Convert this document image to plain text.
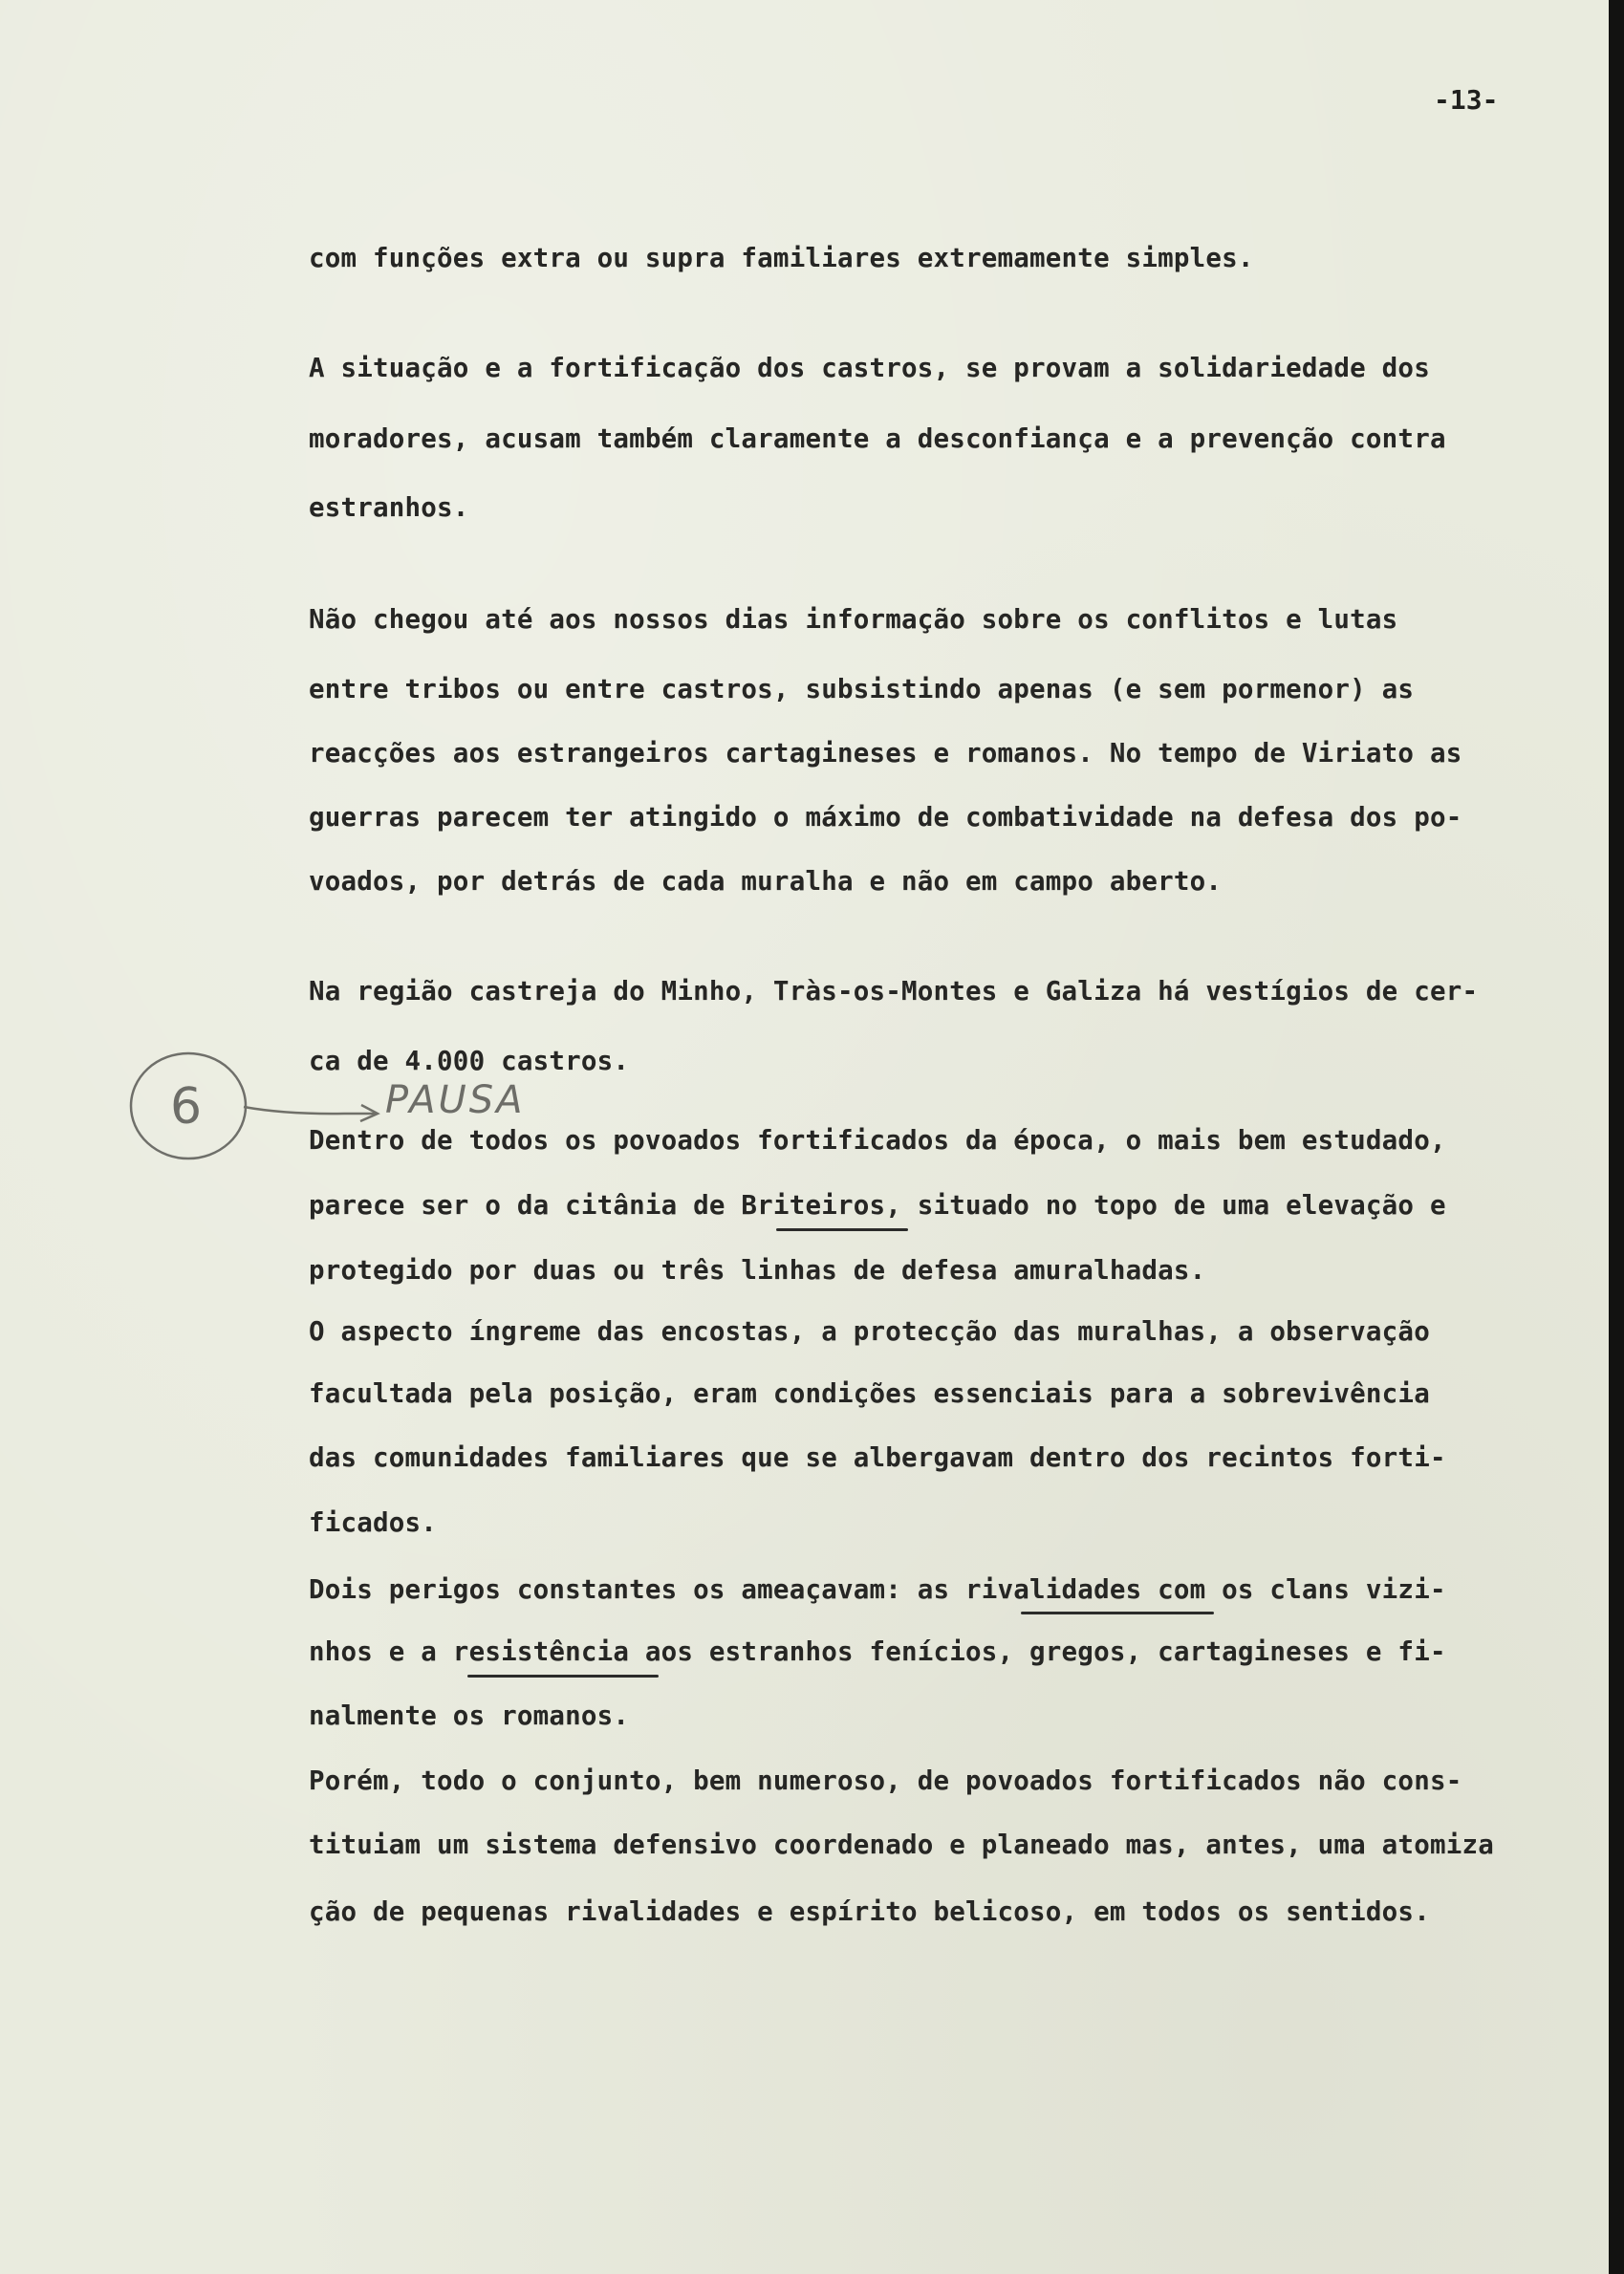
-13-
com funções extra ou supra familiares extremamente simples.
A situação e a fortificação dos castros, se provam a solidariedade dos
moradores, acusam também claramente a desconfiança e a prevenção contra
estranhos.
Não chegou até aos nossos dias informação sobre os conflitos e lutas
entre tribos ou entre castros, subsistindo apenas (e sem pormenor) as
reacções aos estrangeiros cartagineses e romanos. No tempo de Viriato as
guerras parecem ter atingido o máximo de combatividade na defesa dos po-
voados, por detrás de cada muralha e não em campo aberto.
Na região castreja do Minho, Tràs-os-Montes e Galiza há vestígios de cer-
ca de 4.000 castros.
Dentro de todos os povoados fortificados da época, o mais bem estudado,
parece ser o da citânia de Briteiros, situado no topo de uma elevação e
protegido por duas ou três linhas de defesa amuralhadas.
O aspecto íngreme das encostas, a protecção das muralhas, a observação
facultada pela posição, eram condições essenciais para a sobrevivência
das comunidades familiares que se albergavam dentro dos recintos forti-
ficados.
Dois perigos constantes os ameaçavam: as rivalidades com os clans vizi-
nhos e a resistência aos estranhos fenícios, gregos, cartagineses e fi-
nalmente os romanos.
Porém, todo o conjunto, bem numeroso, de povoados fortificados não cons-
tituiam um sistema defensivo coordenado e planeado mas, antes, uma atomiza
ção de pequenas rivalidades e espírito belicoso, em todos os sentidos.
6	PAUSA
